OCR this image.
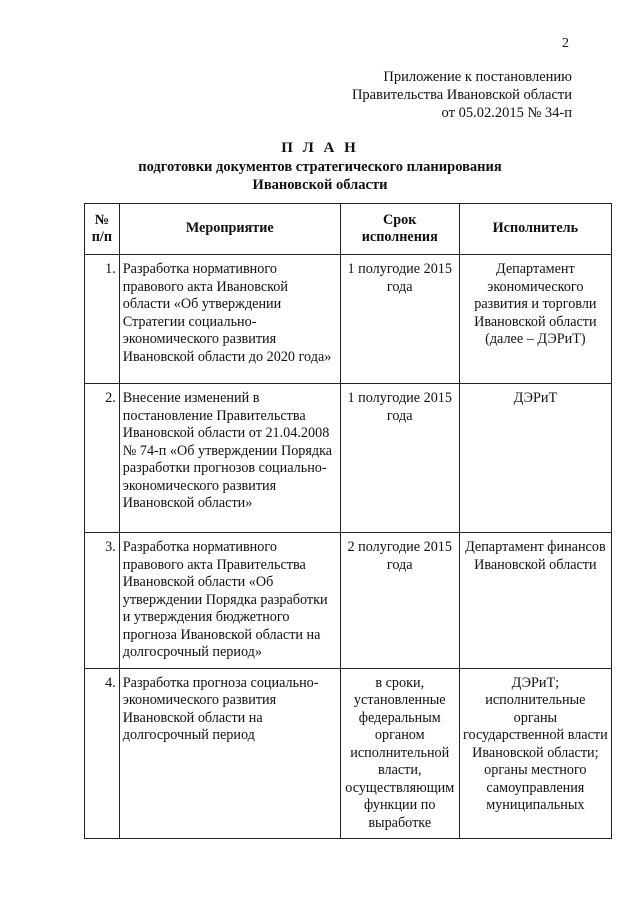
2
Приложение к постановлению
Правительства Ивановской области
от 05.02.2015 № 34-п
П Л А Н
подготовки документов стратегического планирования
Ивановской области
№ п/п	Мероприятие	Срок исполнения	Исполнитель
1.	Разработка нормативного правового акта Ивановской области «Об утверждении Стратегии социально-экономического развития Ивановской области до 2020 года»	1 полугодие 2015 года	Департамент экономического развития и торговли Ивановской области (далее – ДЭРиТ)
2.	Внесение изменений в постановление Правительства Ивановской области от 21.04.2008 № 74-п «Об утверждении Порядка разработки прогнозов социально-экономического развития Ивановской области»	1 полугодие 2015 года	ДЭРиТ
3.	Разработка нормативного правового акта Правительства Ивановской области «Об утверждении Порядка разработки и утверждения бюджетного прогноза Ивановской области на долгосрочный период»	2 полугодие 2015 года	Департамент финансов Ивановской области
4.	Разработка прогноза социально-экономического развития Ивановской области на долгосрочный период	в сроки, установленные федеральным органом исполнительной власти, осуществляющим функции по выработке	ДЭРиТ; исполнительные органы государственной власти Ивановской области; органы местного самоуправления муниципальных
